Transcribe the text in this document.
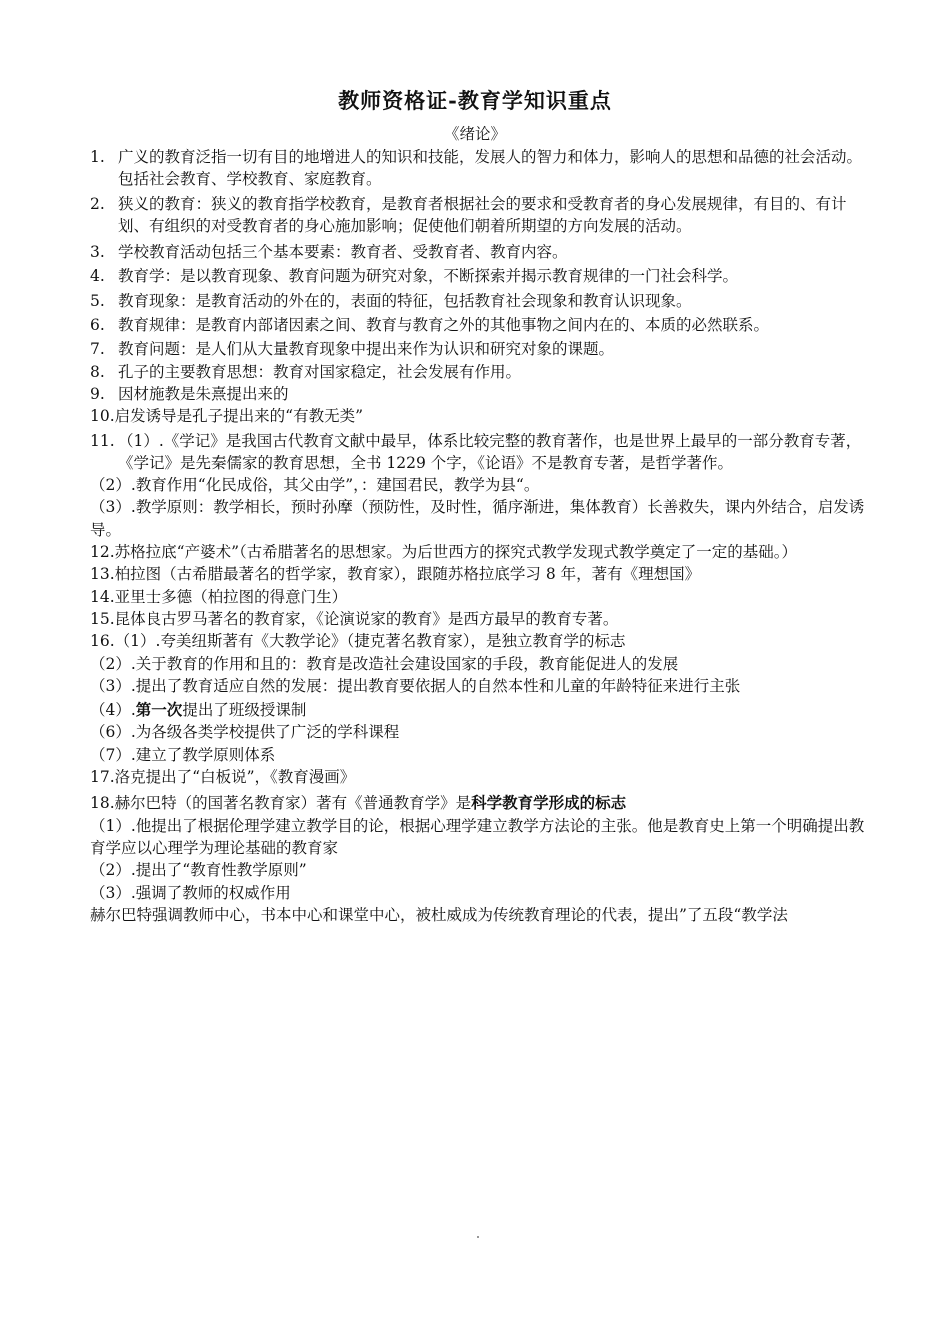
教师资格证-教育学知识重点
《绪论》
1. 广义的教育泛指一切有目的地增进人的知识和技能，发展人的智力和体力，影响人的思想和品德的社会活动。包括社会教育、学校教育、家庭教育。
2. 狭义的教育：狭义的教育指学校教育，是教育者根据社会的要求和受教育者的身心发展规律，有目的、有计划、有组织的对受教育者的身心施加影响；促使他们朝着所期望的方向发展的活动。
3. 学校教育活动包括三个基本要素：教育者、受教育者、教育内容。
4. 教育学：是以教育现象、教育问题为研究对象，不断探索并揭示教育规律的一门社会科学。
5. 教育现象：是教育活动的外在的，表面的特征，包括教育社会现象和教育认识现象。
6. 教育规律：是教育内部诸因素之间、教育与教育之外的其他事物之间内在的、本质的必然联系。
7. 教育问题：是人们从大量教育现象中提出来作为认识和研究对象的课题。
8. 孔子的主要教育思想：教育对国家稳定，社会发展有作用。
9. 因材施教是朱熹提出来的
10.启发诱导是孔子提出来的“有教无类”
11. （1）.《学记》是我国古代教育文献中最早，体系比较完整的教育著作，也是世界上最早的一部分教育专著，《学记》是先秦儒家的教育思想，全书 1229 个字，《论语》不是教育专著，是哲学著作。
（2）.教育作用“化民成俗，其父由学”，：建国君民，教学为县“。
（3）.教学原则：教学相长，预时孙摩（预防性，及时性，循序渐进，集体教育）长善救失，课内外结合，启发诱导。
12.苏格拉底“产婆术”（古希腊著名的思想家。为后世西方的探究式教学发现式教学奠定了一定的基础。）
13.柏拉图（古希腊最著名的哲学家，教育家），跟随苏格拉底学习 8 年，著有《理想国》
14.亚里士多德（柏拉图的得意门生）
15.昆体良古罗马著名的教育家，《论演说家的教育》是西方最早的教育专著。
16.（1）.夸美纽斯著有《大教学论》（捷克著名教育家），是独立教育学的标志
（2）.关于教育的作用和且的：教育是改造社会建设国家的手段，教育能促进人的发展
（3）.提出了教育适应自然的发展：提出教育要依据人的自然本性和儿童的年龄特征来进行主张
（4）.第一次提出了班级授课制
（6）.为各级各类学校提供了广泛的学科课程
（7）.建立了教学原则体系
17.洛克提出了“白板说”，《教育漫画》
18.赫尔巴特（的国著名教育家）著有《普通教育学》是科学教育学形成的标志
（1）.他提出了根据伦理学建立教学目的论，根据心理学建立教学方法论的主张。他是教育史上第一个明确提出教育学应以心理学为理论基础的教育家
（2）.提出了“教育性教学原则”
（3）.强调了教师的权威作用
赫尔巴特强调教师中心，书本中心和课堂中心，被杜威成为传统教育理论的代表，提出”了五段“教学法
